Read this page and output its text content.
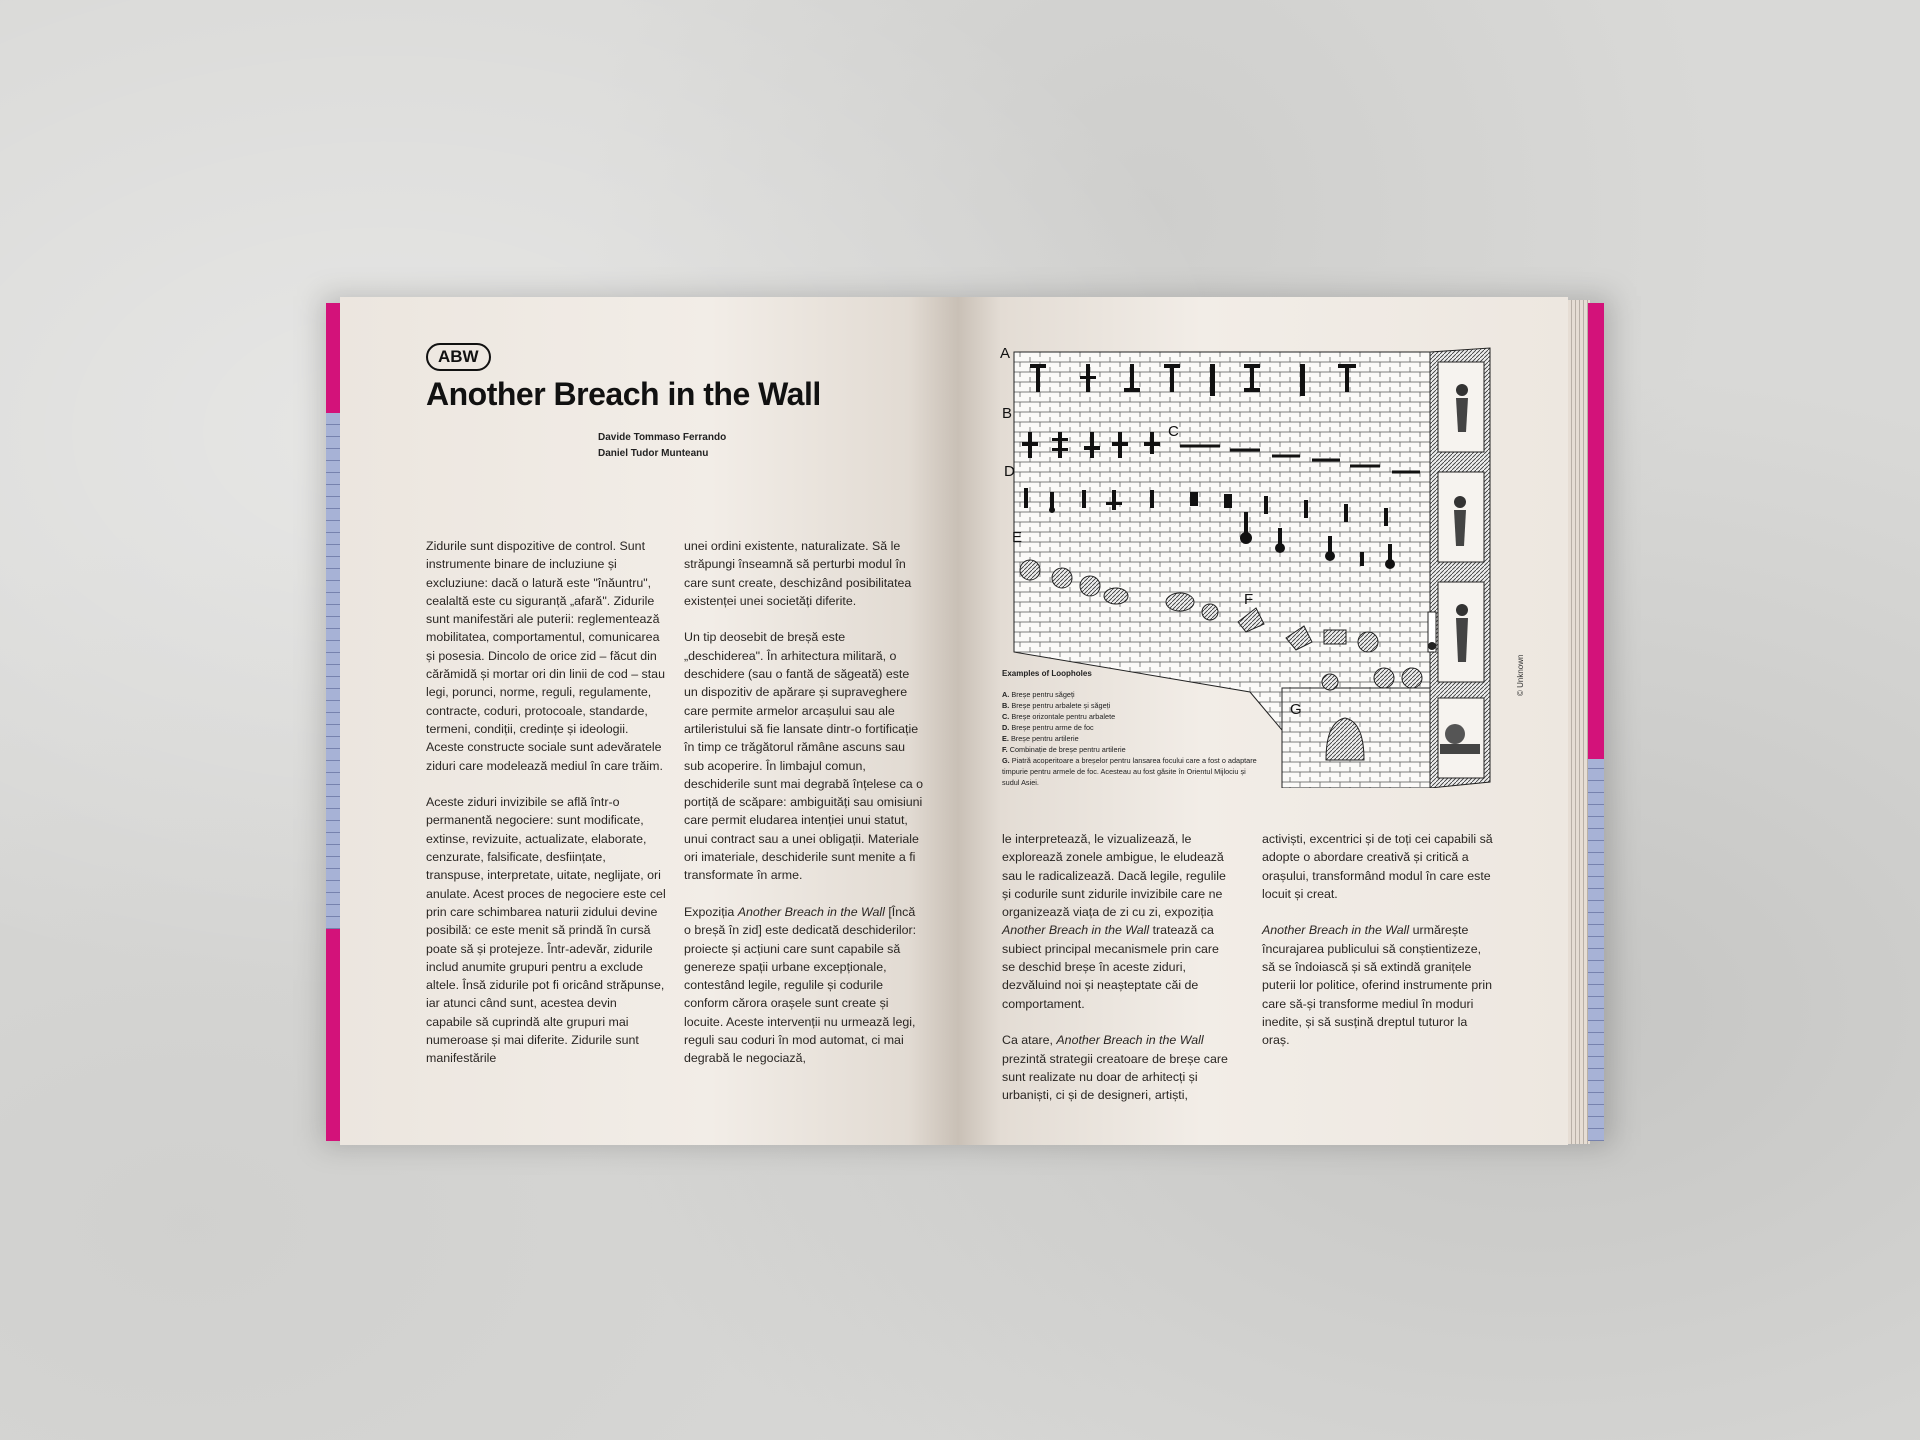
ABW
Another Breach in the Wall
Davide Tommaso Ferrando
Daniel Tudor Munteanu

Zidurile sunt dispozitive de control. Sunt instrumente binare de incluziune și excluziune: dacă o latură este "înăuntru", cealaltă este cu siguranță „afară". Zidurile sunt manifestări ale puterii: reglementează mobilitatea, comportamentul, comunicarea și posesia. Dincolo de orice zid – făcut din cărămidă și mortar ori din linii de cod – stau legi, porunci, norme, reguli, regulamente, contracte, coduri, protocoale, standarde, termeni, condiții, credințe și ideologii. Aceste constructe sociale sunt adevăratele ziduri care modelează mediul în care trăim.

Aceste ziduri invizibile se află într-o permanentă negociere: sunt modificate, extinse, revizuite, actualizate, elaborate, cenzurate, falsificate, desființate, transpuse, interpretate, uitate, neglijate, ori anulate. Acest proces de negociere este cel prin care schimbarea naturii zidului devine posibilă: ce este menit să prindă în cursă poate să și protejeze. Într-adevăr, zidurile includ anumite grupuri pentru a exclude altele. Însă zidurile pot fi oricând străpunse, iar atunci când sunt, acestea devin capabile să cuprindă alte grupuri mai numeroase și mai diferite. Zidurile sunt manifestările

unei ordini existente, naturalizate. Să le străpungi înseamnă să perturbi modul în care sunt create, deschizând posibilitatea existenței unei societăți diferite.

Un tip deosebit de breșă este „deschiderea". În arhitectura militară, o deschidere (sau o fantă de săgeată) este un dispozitiv de apărare și supraveghere care permite armelor arcașului sau ale artileristului să fie lansate dintr-o fortificație în timp ce trăgătorul rămâne ascuns sau sub acoperire. În limbajul comun, deschiderile sunt mai degrabă înțelese ca o portiță de scăpare: ambiguități sau omisiuni care permit eludarea intenției unui statut, unui contract sau a unei obligații. Materiale ori imateriale, deschiderile sunt menite a fi transformate în arme.

Expoziția Another Breach in the Wall [Încă o breșă în zid] este dedicată deschiderilor: proiecte și acțiuni care sunt capabile să genereze spații urbane excepționale, contestând legile, regulile și codurile conform cărora orașele sunt create și locuite. Aceste intervenții nu urmează legi, reguli sau coduri în mod automat, ci mai degrabă le negociază,

A
B
C
D
E
F
G
Examples of Loopholes
A. Breșe pentru săgeți
B. Breșe pentru arbalete și săgeți
C. Breșe orizontale pentru arbalete
D. Breșe pentru arme de foc
E. Breșe pentru artilerie
F. Combinație de breșe pentru artilerie
G. Piatră acoperitoare a breșelor pentru lansarea focului care a fost o adaptare timpurie pentru armele de foc. Acesteau au fost găsite în Orientul Mijlociu și sudul Asiei.
© Unknown

le interpretează, le vizualizează, le explorează zonele ambigue, le eludează sau le radicalizează. Dacă legile, regulile și codurile sunt zidurile invizibile care ne organizează viața de zi cu zi, expoziția Another Breach in the Wall tratează ca subiect principal mecanismele prin care se deschid breșe în aceste ziduri, dezvăluind noi și neașteptate căi de comportament.

Ca atare, Another Breach in the Wall prezintă strategii creatoare de breșe care sunt realizate nu doar de arhitecți și urbaniști, ci și de designeri, artiști,

activiști, excentrici și de toți cei capabili să adopte o abordare creativă și critică a orașului, transformând modul în care este locuit și creat.

Another Breach in the Wall urmărește încurajarea publicului să conștientizeze, să se îndoiască și să extindă granițele puterii lor politice, oferind instrumente prin care să-și transforme mediul în moduri inedite, și să susțină dreptul tuturor la oraș.
